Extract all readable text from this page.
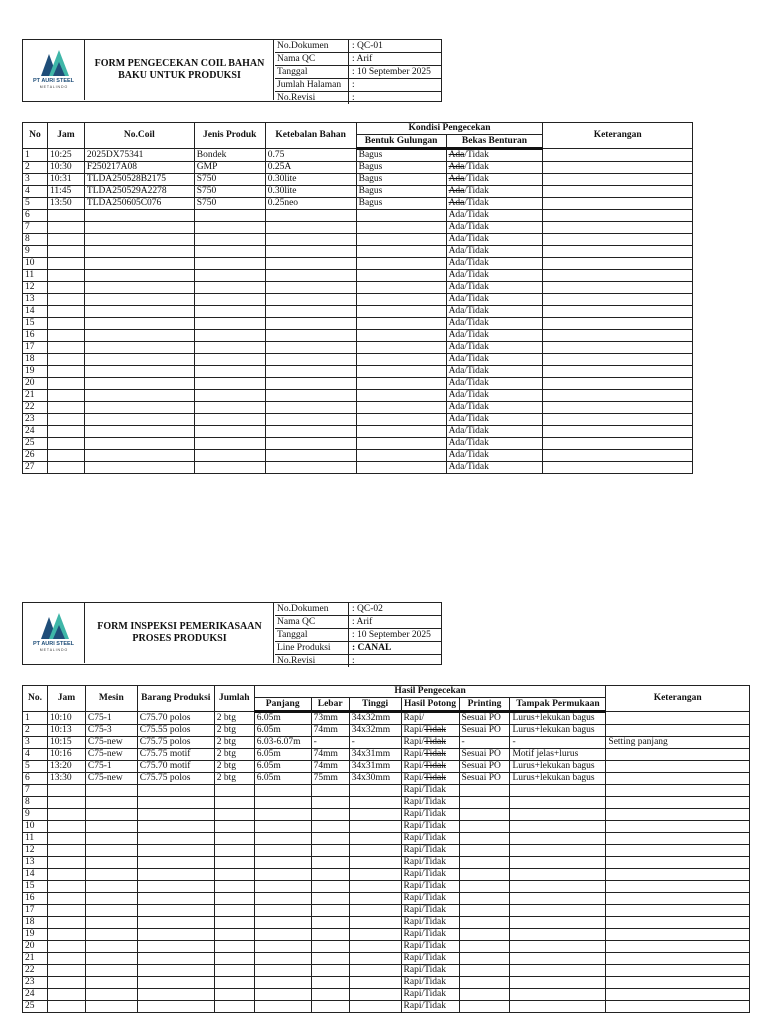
PT AURI STEEL
M E T A L I N D O
FORM PENGECEKAN COIL BAHAN BAKU UNTUK PRODUKSI
No.Dokumen	: QC-01
Nama QC	: Arif
Tanggal	: 10 September 2025
Jumlah Halaman	:
No.Revisi	:
No	Jam	No.Coil	Jenis Produk	Ketebalan Bahan	Kondisi Pengecekan		Keterangan
					Bentuk Gulungan	Bekas Benturan	
1	10:25	2025DX75341	Bondek	0.75	Bagus	Ada/Tidak	
2	10:30	F250217A08	GMP	0.25A	Bagus	Ada/Tidak	
3	10:31	TLDA250528B2175	S750	0.30lite	Bagus	Ada/Tidak	
4	11:45	TLDA250529A2278	S750	0.30lite	Bagus	Ada/Tidak	
5	13:50	TLDA250605C076	S750	0.25neo	Bagus	Ada/Tidak	
6						Ada/Tidak	
7						Ada/Tidak	
8						Ada/Tidak	
9						Ada/Tidak	
10						Ada/Tidak	
11						Ada/Tidak	
12						Ada/Tidak	
13						Ada/Tidak	
14						Ada/Tidak	
15						Ada/Tidak	
16						Ada/Tidak	
17						Ada/Tidak	
18						Ada/Tidak	
19						Ada/Tidak	
20						Ada/Tidak	
21						Ada/Tidak	
22						Ada/Tidak	
23						Ada/Tidak	
24						Ada/Tidak	
25						Ada/Tidak	
26						Ada/Tidak	
27						Ada/Tidak	
PT AURI STEEL
M E T A L I N D O
FORM INSPEKSI PEMERIKASAAN PROSES PRODUKSI
No.Dokumen	: QC-02
Nama QC	: Arif
Tanggal	: 10 September 2025
Line Produksi	: CANAL
No.Revisi	:
No.	Jam	Mesin	Barang Produksi	Jumlah	Hasil Pengecekan						Keterangan
					Panjang	Lebar	Tinggi	Hasil Potong	Printing	Tampak Permukaan	
1	10:10	C75-1	C75.70 polos	2 btg	6.05m	73mm	34x32mm	Rapi/	Sesuai PO	Lurus+lekukan bagus	
2	10:13	C75-3	C75.55 polos	2 btg	6.05m	74mm	34x32mm	Rapi/Tidak	Sesuai PO	Lurus+lekukan bagus	
3	10:15	C75-new	C75.75 polos	2 btg	6.03-6.07m	-	-	Rapi/Tidak	-	-	Setting panjang
4	10:16	C75-new	C75.75 motif	2 btg	6.05m	74mm	34x31mm	Rapi/Tidak	Sesuai PO	Motif jelas+lurus	
5	13:20	C75-1	C75.70 motif	2 btg	6.05m	74mm	34x31mm	Rapi/Tidak	Sesuai PO	Lurus+lekukan bagus	
6	13:30	C75-new	C75.75 polos	2 btg	6.05m	75mm	34x30mm	Rapi/Tidak	Sesuai PO	Lurus+lekukan bagus	
7								Rapi/Tidak			
8								Rapi/Tidak			
9								Rapi/Tidak			
10								Rapi/Tidak			
11								Rapi/Tidak			
12								Rapi/Tidak			
13								Rapi/Tidak			
14								Rapi/Tidak			
15								Rapi/Tidak			
16								Rapi/Tidak			
17								Rapi/Tidak			
18								Rapi/Tidak			
19								Rapi/Tidak			
20								Rapi/Tidak			
21								Rapi/Tidak			
22								Rapi/Tidak			
23								Rapi/Tidak			
24								Rapi/Tidak			
25								Rapi/Tidak			
